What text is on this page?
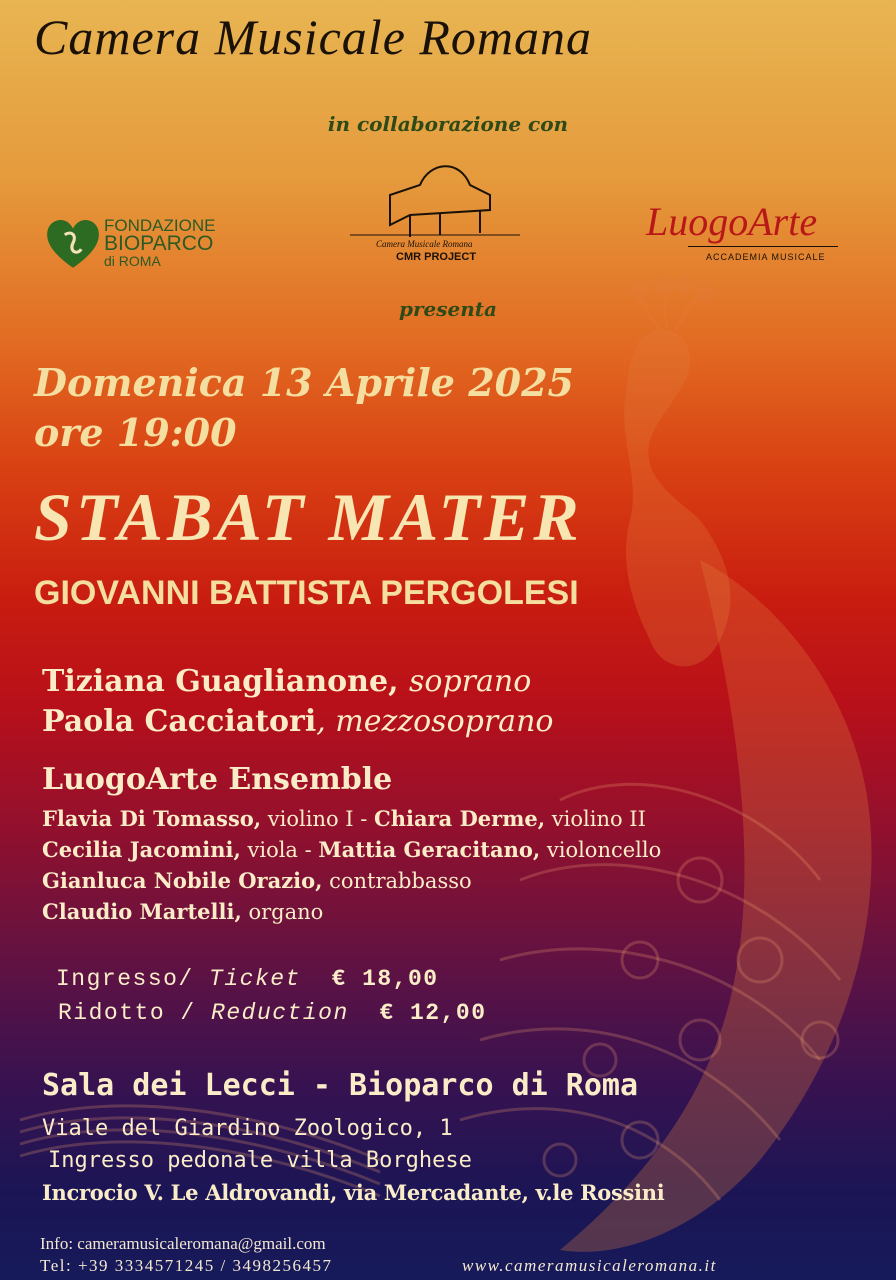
Camera Musicale Romana
in collaborazione con
FONDAZIONE
BIOPARCO
di ROMA
Camera Musicale Romana
CMR PROJECT
LuogoArte
ACCADEMIA MUSICALE
presenta
Domenica 13 Aprile 2025
ore 19:00
STABAT MATER
GIOVANNI BATTISTA PERGOLESI
Tiziana Guaglianone, soprano
Paola Cacciatori, mezzosoprano
LuogoArte Ensemble
Flavia Di Tomasso, violino I - Chiara Derme, violino II
Cecilia Jacomini, viola - Mattia Geracitano, violoncello
Gianluca Nobile Orazio, contrabbasso
Claudio Martelli, organo
Ingresso/ Ticket € 18,00
Ridotto / Reduction € 12,00
Sala dei Lecci - Bioparco di Roma
Viale del Giardino Zoologico, 1
Ingresso pedonale villa Borghese
Incrocio V. Le Aldrovandi, via Mercadante, v.le Rossini
Info: cameramusicaleromana@gmail.com
Tel: +39 3334571245 / 3498256457	www.cameramusicaleromana.it
